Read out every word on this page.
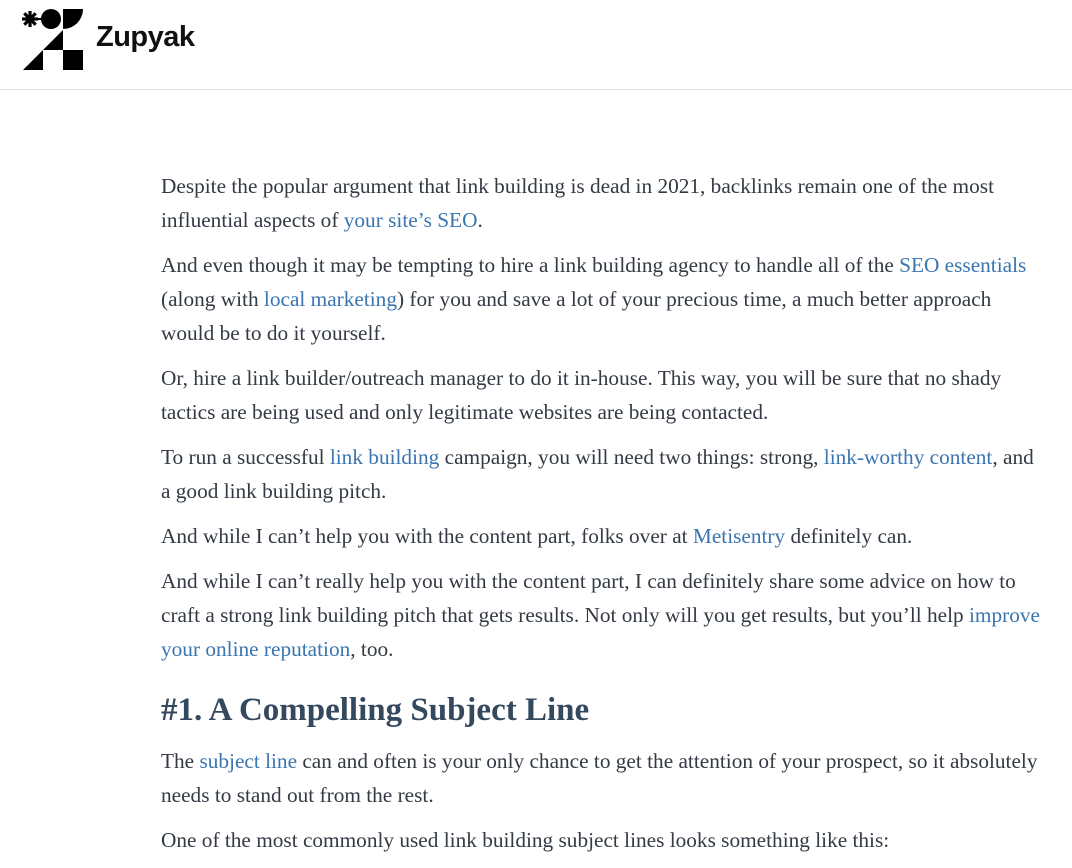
Zupyak

Despite the popular argument that link building is dead in 2021, backlinks remain one of the most influential aspects of your site’s SEO.

And even though it may be tempting to hire a link building agency to handle all of the SEO essentials (along with local marketing) for you and save a lot of your precious time, a much better approach would be to do it yourself.

Or, hire a link builder/outreach manager to do it in-house. This way, you will be sure that no shady tactics are being used and only legitimate websites are being contacted.

To run a successful link building campaign, you will need two things: strong, link-worthy content, and a good link building pitch.

And while I can’t help you with the content part, folks over at Metisentry definitely can.

And while I can’t really help you with the content part, I can definitely share some advice on how to craft a strong link building pitch that gets results. Not only will you get results, but you’ll help improve your online reputation, too.

#1. A Compelling Subject Line

The subject line can and often is your only chance to get the attention of your prospect, so it absolutely needs to stand out from the rest.

One of the most commonly used link building subject lines looks something like this:
